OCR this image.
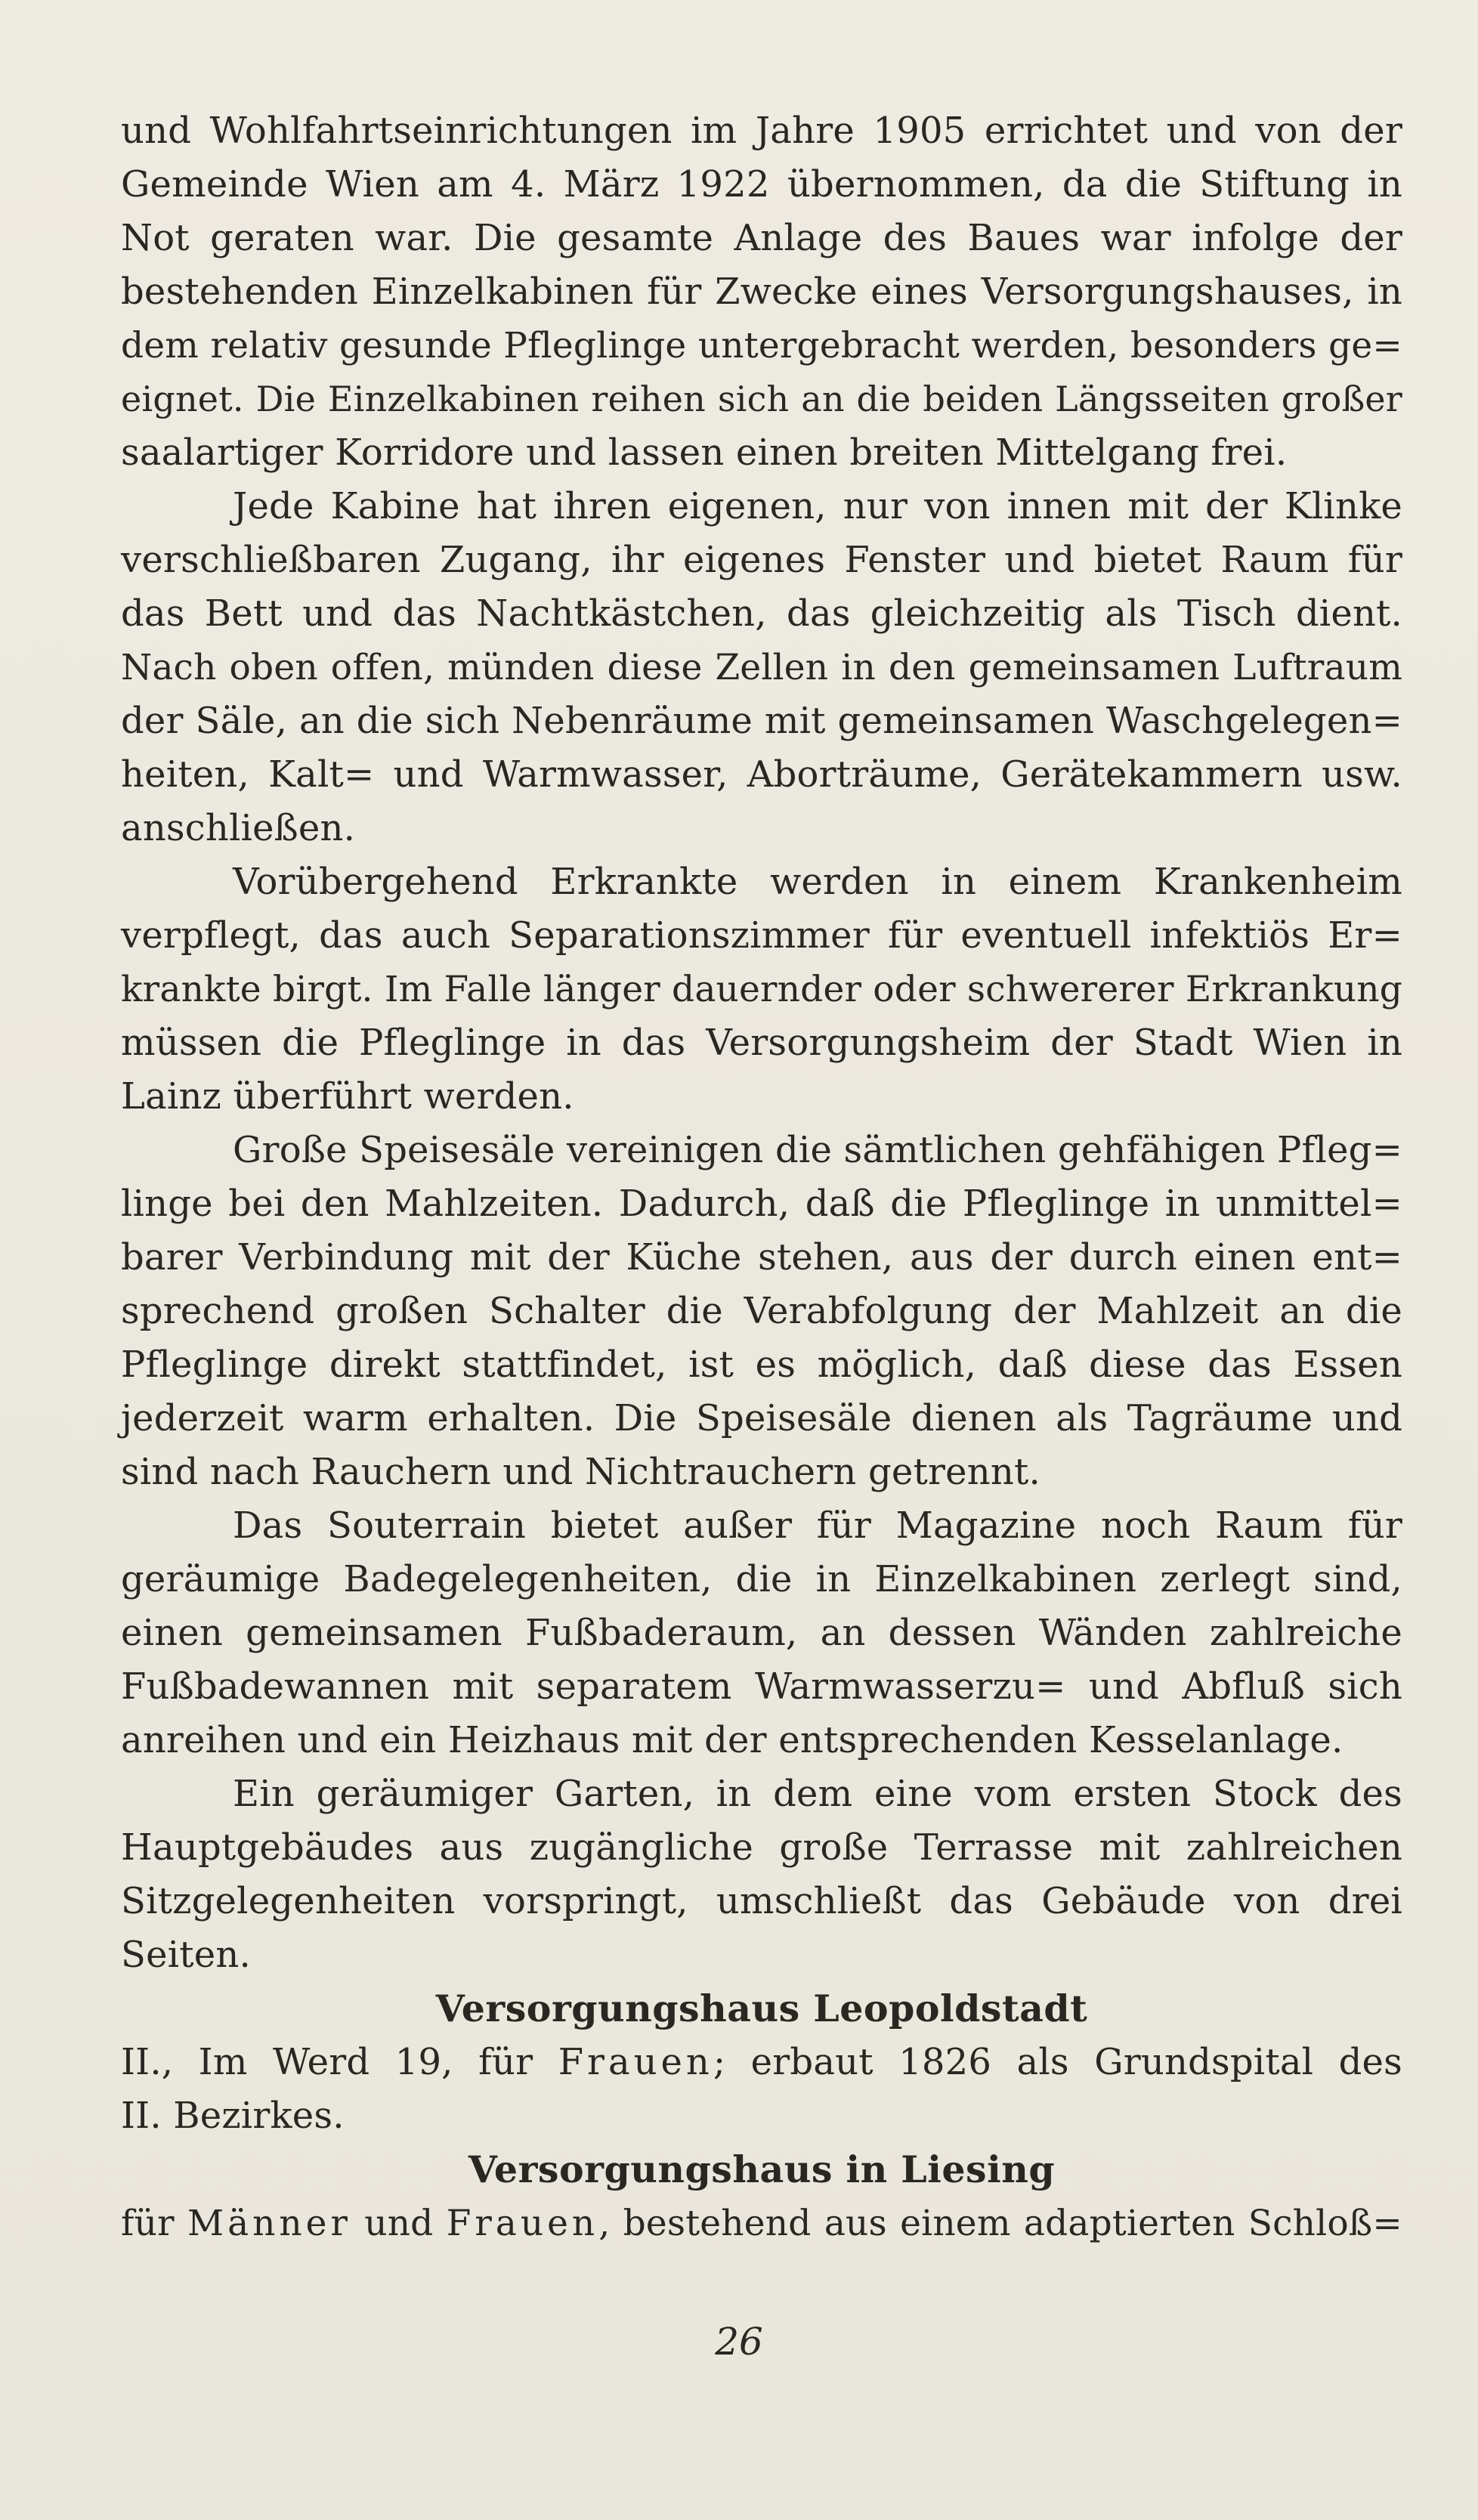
und Wohlfahrtseinrichtungen im Jahre 1905 errichtet und von der
Gemeinde Wien am 4. März 1922 übernommen, da die Stiftung in
Not geraten war. Die gesamte Anlage des Baues war infolge der
bestehenden Einzelkabinen für Zwecke eines Versorgungshauses, in
dem relativ gesunde Pfleglinge untergebracht werden, besonders ge=
eignet. Die Einzelkabinen reihen sich an die beiden Längsseiten großer
saalartiger Korridore und lassen einen breiten Mittelgang frei.
Jede Kabine hat ihren eigenen, nur von innen mit der Klinke
verschließbaren Zugang, ihr eigenes Fenster und bietet Raum für
das Bett und das Nachtkästchen, das gleichzeitig als Tisch dient.
Nach oben offen, münden diese Zellen in den gemeinsamen Luftraum
der Säle, an die sich Nebenräume mit gemeinsamen Waschgelegen=
heiten, Kalt= und Warmwasser, Aborträume, Gerätekammern usw.
anschließen.
Vorübergehend Erkrankte werden in einem Krankenheim
verpflegt, das auch Separationszimmer für eventuell infektiös Er=
krankte birgt. Im Falle länger dauernder oder schwererer Erkrankung
müssen die Pfleglinge in das Versorgungsheim der Stadt Wien in
Lainz überführt werden.
Große Speisesäle vereinigen die sämtlichen gehfähigen Pfleg=
linge bei den Mahlzeiten. Dadurch, daß die Pfleglinge in unmittel=
barer Verbindung mit der Küche stehen, aus der durch einen ent=
sprechend großen Schalter die Verabfolgung der Mahlzeit an die
Pfleglinge direkt stattfindet, ist es möglich, daß diese das Essen
jederzeit warm erhalten. Die Speisesäle dienen als Tagräume und
sind nach Rauchern und Nichtrauchern getrennt.
Das Souterrain bietet außer für Magazine noch Raum für
geräumige Badegelegenheiten, die in Einzelkabinen zerlegt sind,
einen gemeinsamen Fußbaderaum, an dessen Wänden zahlreiche
Fußbadewannen mit separatem Warmwasserzu= und Abfluß sich
anreihen und ein Heizhaus mit der entsprechenden Kesselanlage.
Ein geräumiger Garten, in dem eine vom ersten Stock des
Hauptgebäudes aus zugängliche große Terrasse mit zahlreichen
Sitzgelegenheiten vorspringt, umschließt das Gebäude von drei
Seiten.
Versorgungshaus Leopoldstadt
II., Im Werd 19, für Frauen; erbaut 1826 als Grundspital des
II. Bezirkes.
Versorgungshaus in Liesing
für Männer und Frauen, bestehend aus einem adaptierten Schloß=
26
